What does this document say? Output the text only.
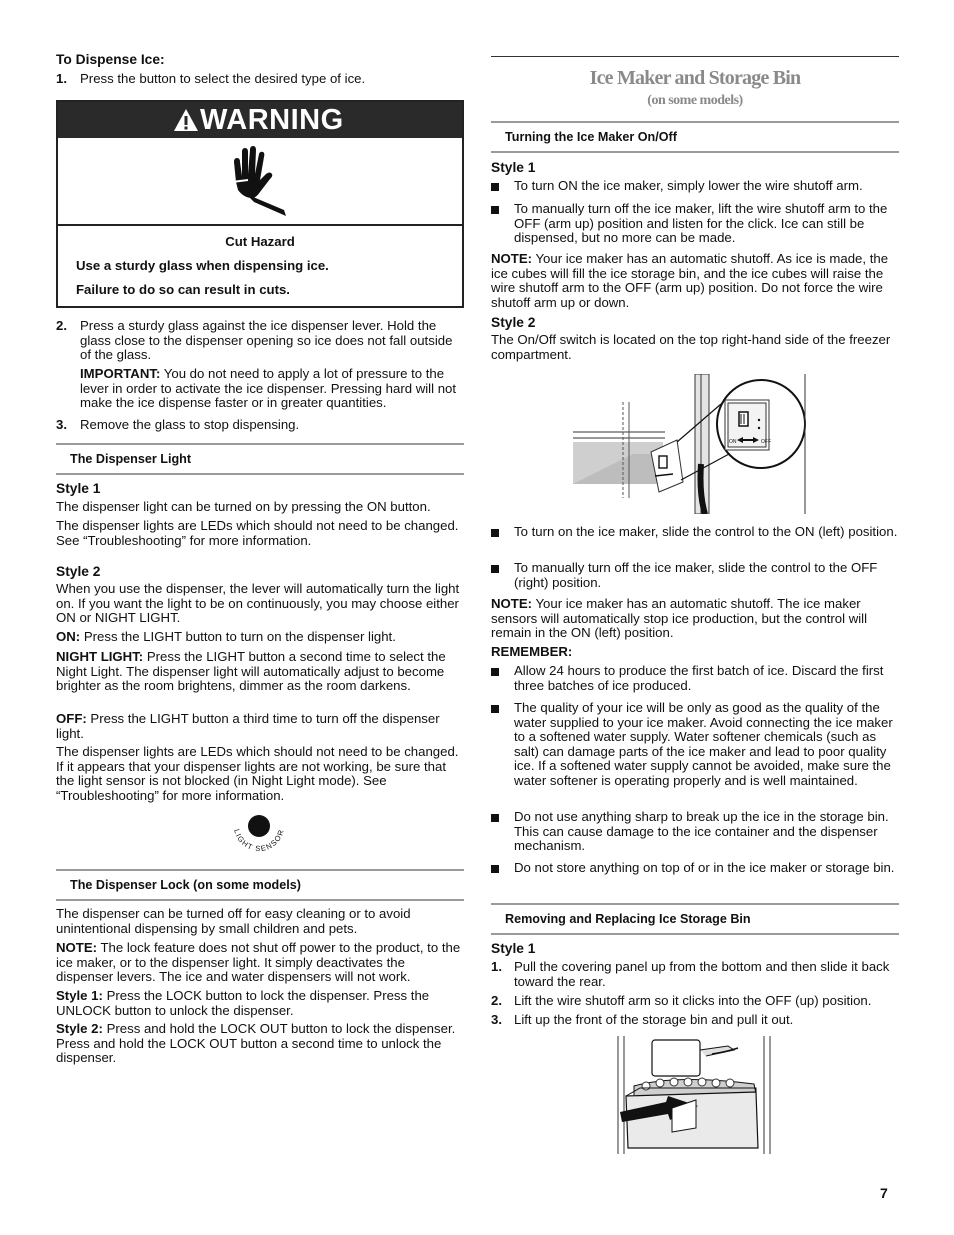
To Dispense Ice:

1. Press the button to select the desired type of ice.
WARNING

Cut Hazard

Use a sturdy glass when dispensing ice.

Failure to do so can result in cuts.

2. Press a sturdy glass against the ice dispenser lever. Hold the glass close to the dispenser opening so ice does not fall outside of the glass.

IMPORTANT: You do not need to apply a lot of pressure to the lever in order to activate the ice dispenser. Pressing hard will not make the ice dispense faster or in greater quantities.

3. Remove the glass to stop dispensing.
The Dispenser Light

Style 1

The dispenser light can be turned on by pressing the ON button.

The dispenser lights are LEDs which should not need to be changed. See “Troubleshooting” for more information.

Style 2

When you use the dispenser, the lever will automatically turn the light on. If you want the light to be on continuously, you may choose either ON or NIGHT LIGHT.

ON: Press the LIGHT button to turn on the dispenser light.

NIGHT LIGHT: Press the LIGHT button a second time to select the Night Light. The dispenser light will automatically adjust to become brighter as the room brightens, dimmer as the room darkens.

OFF: Press the LIGHT button a third time to turn off the dispenser light.

The dispenser lights are LEDs which should not need to be changed. If it appears that your dispenser lights are not working, be sure that the light sensor is not blocked (in Night Light mode). See “Troubleshooting” for more information.

LIGHT SENSOR
The Dispenser Lock (on some models)

The dispenser can be turned off for easy cleaning or to avoid unintentional dispensing by small children and pets.

NOTE: The lock feature does not shut off power to the product, to the ice maker, or to the dispenser light. It simply deactivates the dispenser levers. The ice and water dispensers will not work.

Style 1: Press the LOCK button to lock the dispenser. Press the UNLOCK button to unlock the dispenser.

Style 2: Press and hold the LOCK OUT button to lock the dispenser. Press and hold the LOCK OUT button a second time to unlock the dispenser.

Ice Maker and Storage Bin

(on some models)

Turning the Ice Maker On/Off

Style 1

To turn ON the ice maker, simply lower the wire shutoff arm.
To manually turn off the ice maker, lift the wire shutoff arm to the OFF (arm up) position and listen for the click. Ice can still be dispensed, but no more can be made.

NOTE: Your ice maker has an automatic shutoff. As ice is made, the ice cubes will fill the ice storage bin, and the ice cubes will raise the wire shutoff arm to the OFF (arm up) position. Do not force the wire shutoff arm up or down.

Style 2

The On/Off switch is located on the top right-hand side of the freezer compartment.

ON	OFF
To turn on the ice maker, slide the control to the ON (left) position.
To manually turn off the ice maker, slide the control to the OFF (right) position.

NOTE: Your ice maker has an automatic shutoff. The ice maker sensors will automatically stop ice production, but the control will remain in the ON (left) position.

REMEMBER:

Allow 24 hours to produce the first batch of ice. Discard the first three batches of ice produced.
The quality of your ice will be only as good as the quality of the water supplied to your ice maker. Avoid connecting the ice maker to a softened water supply. Water softener chemicals (such as salt) can damage parts of the ice maker and lead to poor quality ice. If a softened water supply cannot be avoided, make sure the water softener is operating properly and is well maintained.
Do not use anything sharp to break up the ice in the storage bin. This can cause damage to the ice container and the dispenser mechanism.
Do not store anything on top of or in the ice maker or storage bin.
Removing and Replacing Ice Storage Bin

Style 1

1. Pull the covering panel up from the bottom and then slide it back toward the rear.
2. Lift the wire shutoff arm so it clicks into the OFF (up) position.
3. Lift up the front of the storage bin and pull it out.

7
